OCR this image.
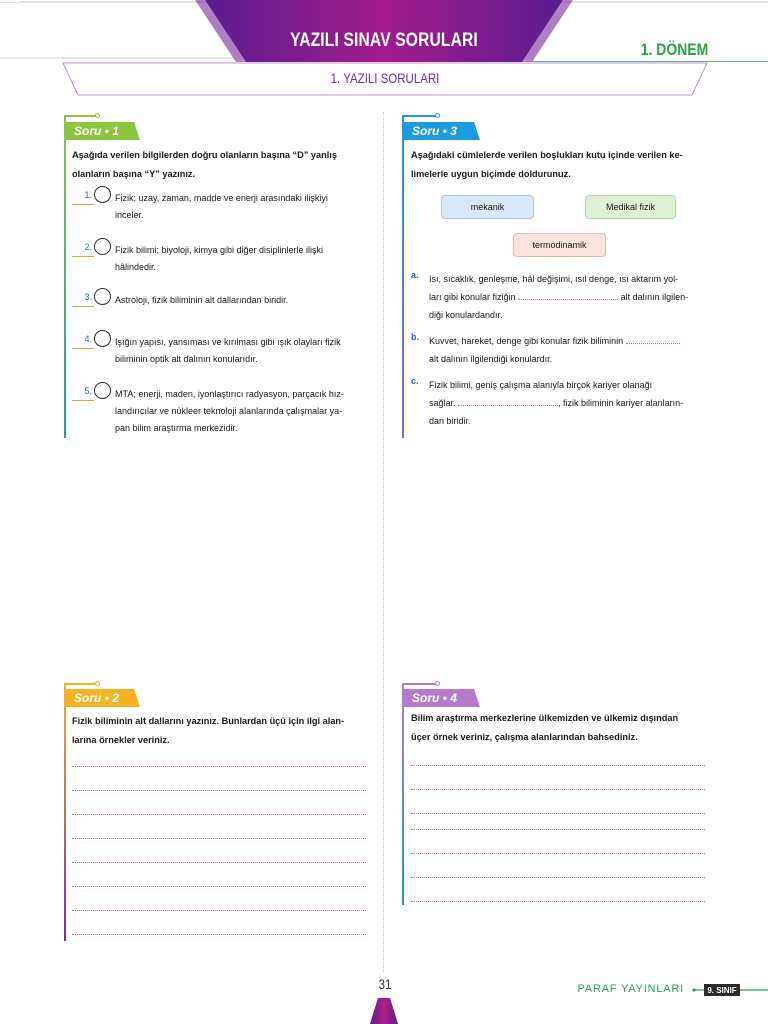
YAZILI SINAV SORULARI	1. DÖNEM
1. YAZILI SORULARI
Soru • 1
Aşağıda verilen bilgilerden doğru olanların başına “D” yanlış
olanların başına “Y” yazınız.
1.	Fizik; uzay, zaman, madde ve enerji arasındaki ilişkiyi
inceler.
2.	Fizik bilimi; biyoloji, kimya gibi diğer disiplinlerle ilişki
hâlindedir.
3.	Astroloji, fizik biliminin alt dallarından biridir.
4.	Işığın yapısı, yansıması ve kırılması gibi ışık olayları fizik
biliminin optik alt dalının konularıdır.
5.	MTA; enerji, maden, iyonlaştırıcı radyasyon, parçacık hız-
landırıcılar ve nükleer teknoloji alanlarında çalışmalar ya-
pan bilim araştırma merkezidir.
Soru • 3
Aşağıdaki cümlelerde verilen boşlukları kutu içinde verilen ke-
limelerle uygun biçimde doldurunuz.
mekanik	Medikal fizik
termodinamik
a. Isı, sıcaklık, genleşme, hâl değişimi, ısıl denge, ısı aktarım yol-
ları gibi konular fiziğin	alt dalının ilgilen-
diği konulardandır.
b. Kuvvet, hareket, denge gibi konular fizik biliminin
alt dalının ilgilendiği konulardır.
c. Fizik bilimi, geniş çalışma alanıyla birçok kariyer olanağı
sağlar.	, fizik biliminin kariyer alanların-
dan biridir.
Soru • 2
Fizik biliminin alt dallarını yazınız. Bunlardan üçü için ilgi alan-
larına örnekler veriniz.
Soru • 4
Bilim araştırma merkezlerine ülkemizden ve ülkemiz dışından
üçer örnek veriniz, çalışma alanlarından bahsediniz.
31	PARAF YAYINLARI	9. SINIF
